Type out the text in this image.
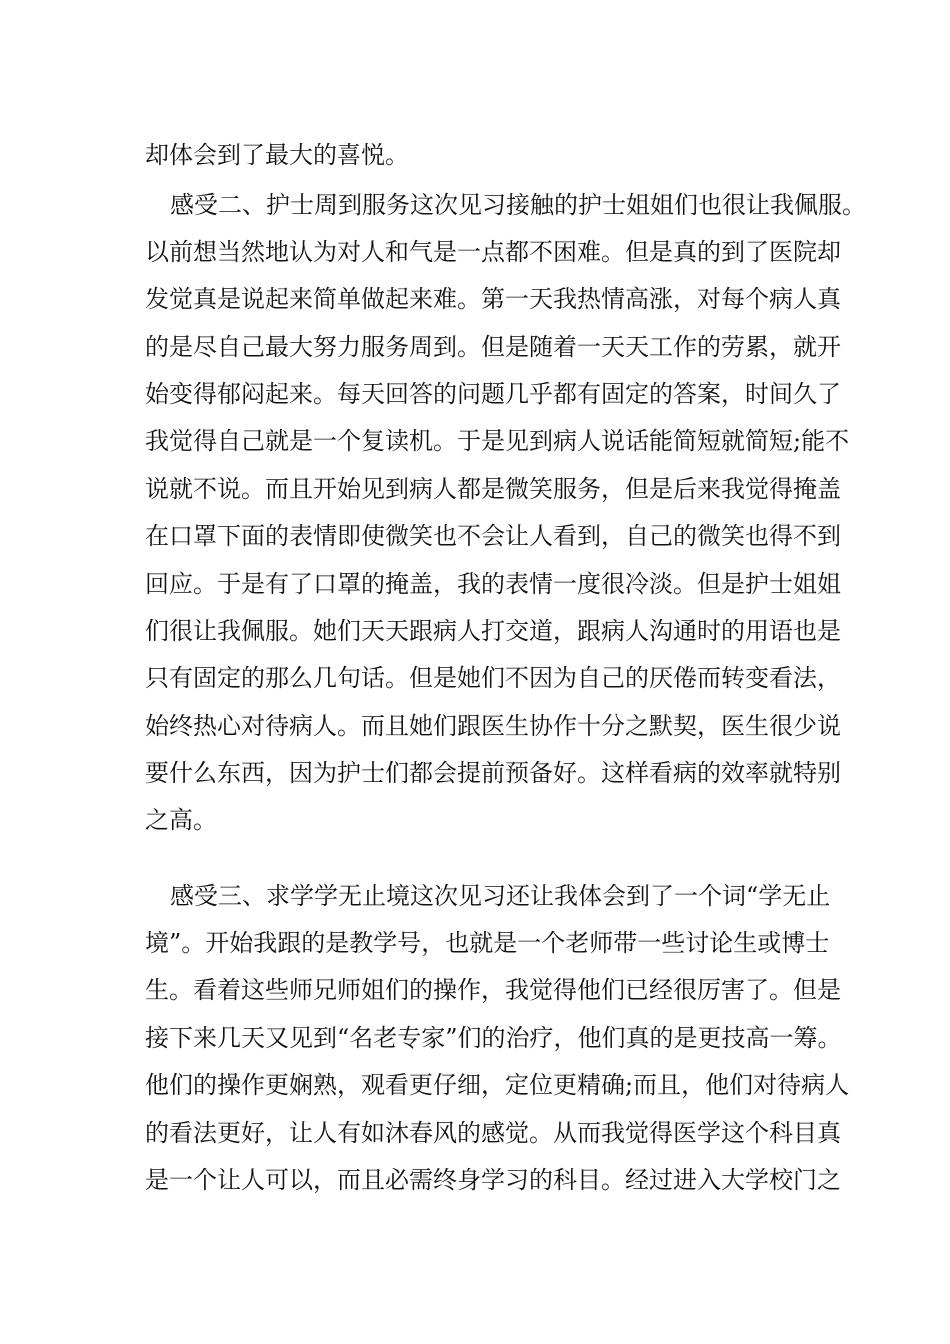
却体会到了最大的喜悦。
感受二、护士周到服务这次见习接触的护士姐姐们也很让我佩服。
以前想当然地认为对人和气是一点都不困难。但是真的到了医院却
发觉真是说起来简单做起来难。第一天我热情高涨，对每个病人真
的是尽自己最大努力服务周到。但是随着一天天工作的劳累，就开
始变得郁闷起来。每天回答的问题几乎都有固定的答案，时间久了
我觉得自己就是一个复读机。于是见到病人说话能简短就简短;能不
说就不说。而且开始见到病人都是微笑服务，但是后来我觉得掩盖
在口罩下面的表情即使微笑也不会让人看到，自己的微笑也得不到
回应。于是有了口罩的掩盖，我的表情一度很冷淡。但是护士姐姐
们很让我佩服。她们天天跟病人打交道，跟病人沟通时的用语也是
只有固定的那么几句话。但是她们不因为自己的厌倦而转变看法，
始终热心对待病人。而且她们跟医生协作十分之默契，医生很少说
要什么东西，因为护士们都会提前预备好。这样看病的效率就特别
之高。
感受三、求学学无止境这次见习还让我体会到了一个词“学无止
境”。开始我跟的是教学号，也就是一个老师带一些讨论生或博士
生。看着这些师兄师姐们的操作，我觉得他们已经很厉害了。但是
接下来几天又见到“名老专家”们的治疗，他们真的是更技高一筹。
他们的操作更娴熟，观看更仔细，定位更精确;而且，他们对待病人
的看法更好，让人有如沐春风的感觉。从而我觉得医学这个科目真
是一个让人可以，而且必需终身学习的科目。经过进入大学校门之
